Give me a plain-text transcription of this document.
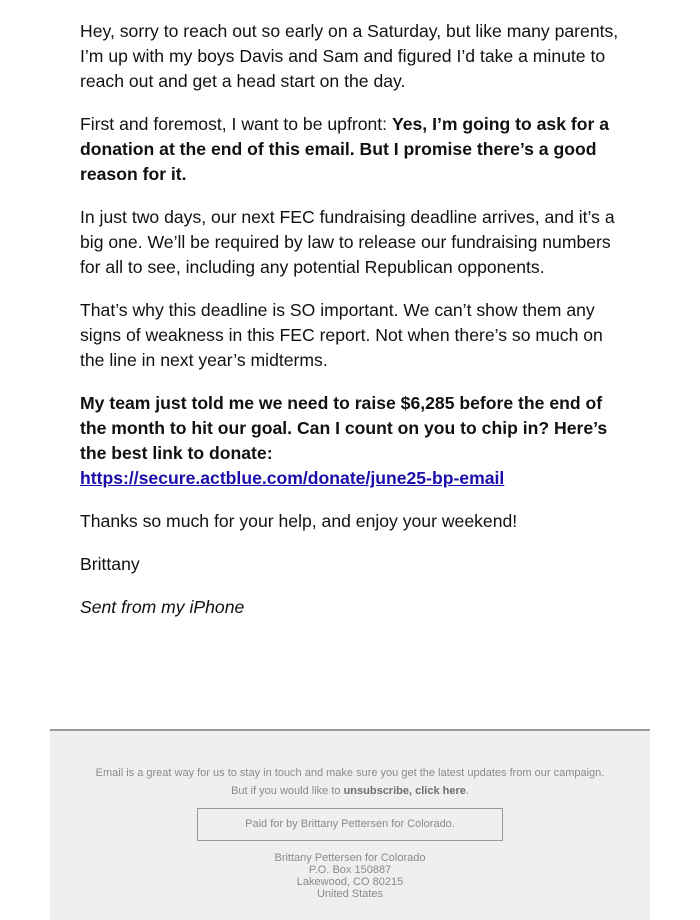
Hey, sorry to reach out so early on a Saturday, but like many parents, I’m up with my boys Davis and Sam and figured I’d take a minute to reach out and get a head start on the day.

First and foremost, I want to be upfront: Yes, I’m going to ask for a donation at the end of this email. But I promise there’s a good reason for it.

In just two days, our next FEC fundraising deadline arrives, and it’s a big one. We’ll be required by law to release our fundraising numbers for all to see, including any potential Republican opponents.

That’s why this deadline is SO important. We can’t show them any signs of weakness in this FEC report. Not when there’s so much on the line in next year’s midterms.

My team just told me we need to raise $6,285 before the end of the month to hit our goal. Can I count on you to chip in? Here’s the best link to donate:
https://secure.actblue.com/donate/june25-bp-email

Thanks so much for your help, and enjoy your weekend!

Brittany

Sent from my iPhone

Email is a great way for us to stay in touch and make sure you get the latest updates from our campaign.
But if you would like to unsubscribe, click here.
Paid for by Brittany Pettersen for Colorado.
Brittany Pettersen for Colorado
P.O. Box 150887
Lakewood, CO 80215
United States
